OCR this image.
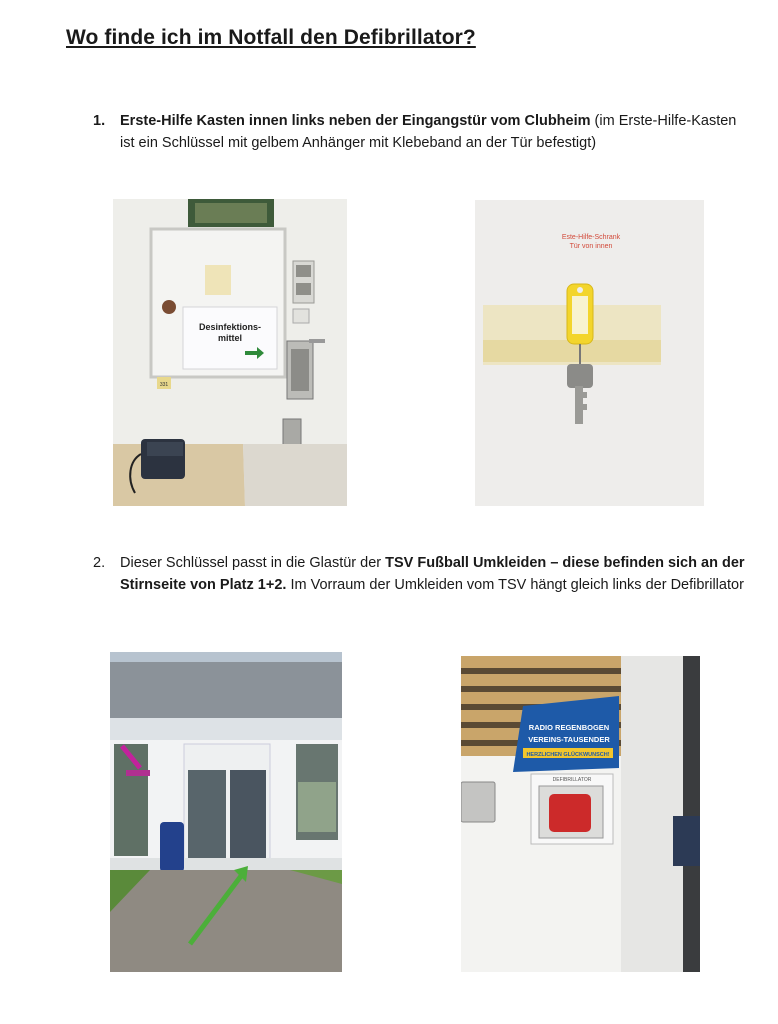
Wo finde ich im Notfall den Defibrillator?
1. Erste-Hilfe Kasten innen links neben der Eingangstür vom Clubheim (im Erste-Hilfe-Kasten ist ein Schlüssel mit gelbem Anhänger mit Klebeband an der Tür befestigt)
2. Dieser Schlüssel passt in die Glastür der TSV Fußball Umkleiden – diese befinden sich an der Stirnseite von Platz 1+2. Im Vorraum der Umkleiden vom TSV hängt gleich links der Defibrillator
Desinfektions-
mittel
331
Este-Hilfe-Schrank
Tür von innen
RADIO REGENBOGEN
VEREINS-TAUSENDER
HERZLICHEN GLÜCKWUNSCH!
DEFIBRILLATOR
